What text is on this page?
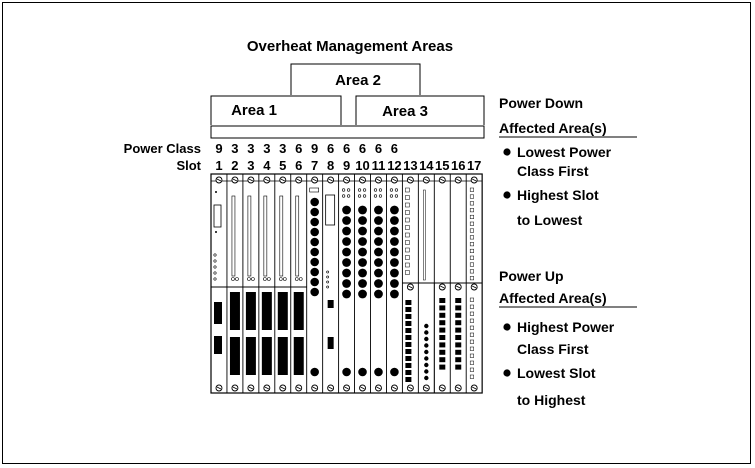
Overheat Management Areas
Area 2
Area 1	Area 3
Power Class
Slot 1 2 3 4 5 6 7 8 9 10 11 12 13 14 15 16 17
9 3 3 3 3 6 9 6 6 6 6 6
Power Down
Affected Area(s)
Lowest Power
Class First
Highest Slot
to Lowest
Power Up
Affected Area(s)
Highest Power
Class First
Lowest Slot
to Highest
